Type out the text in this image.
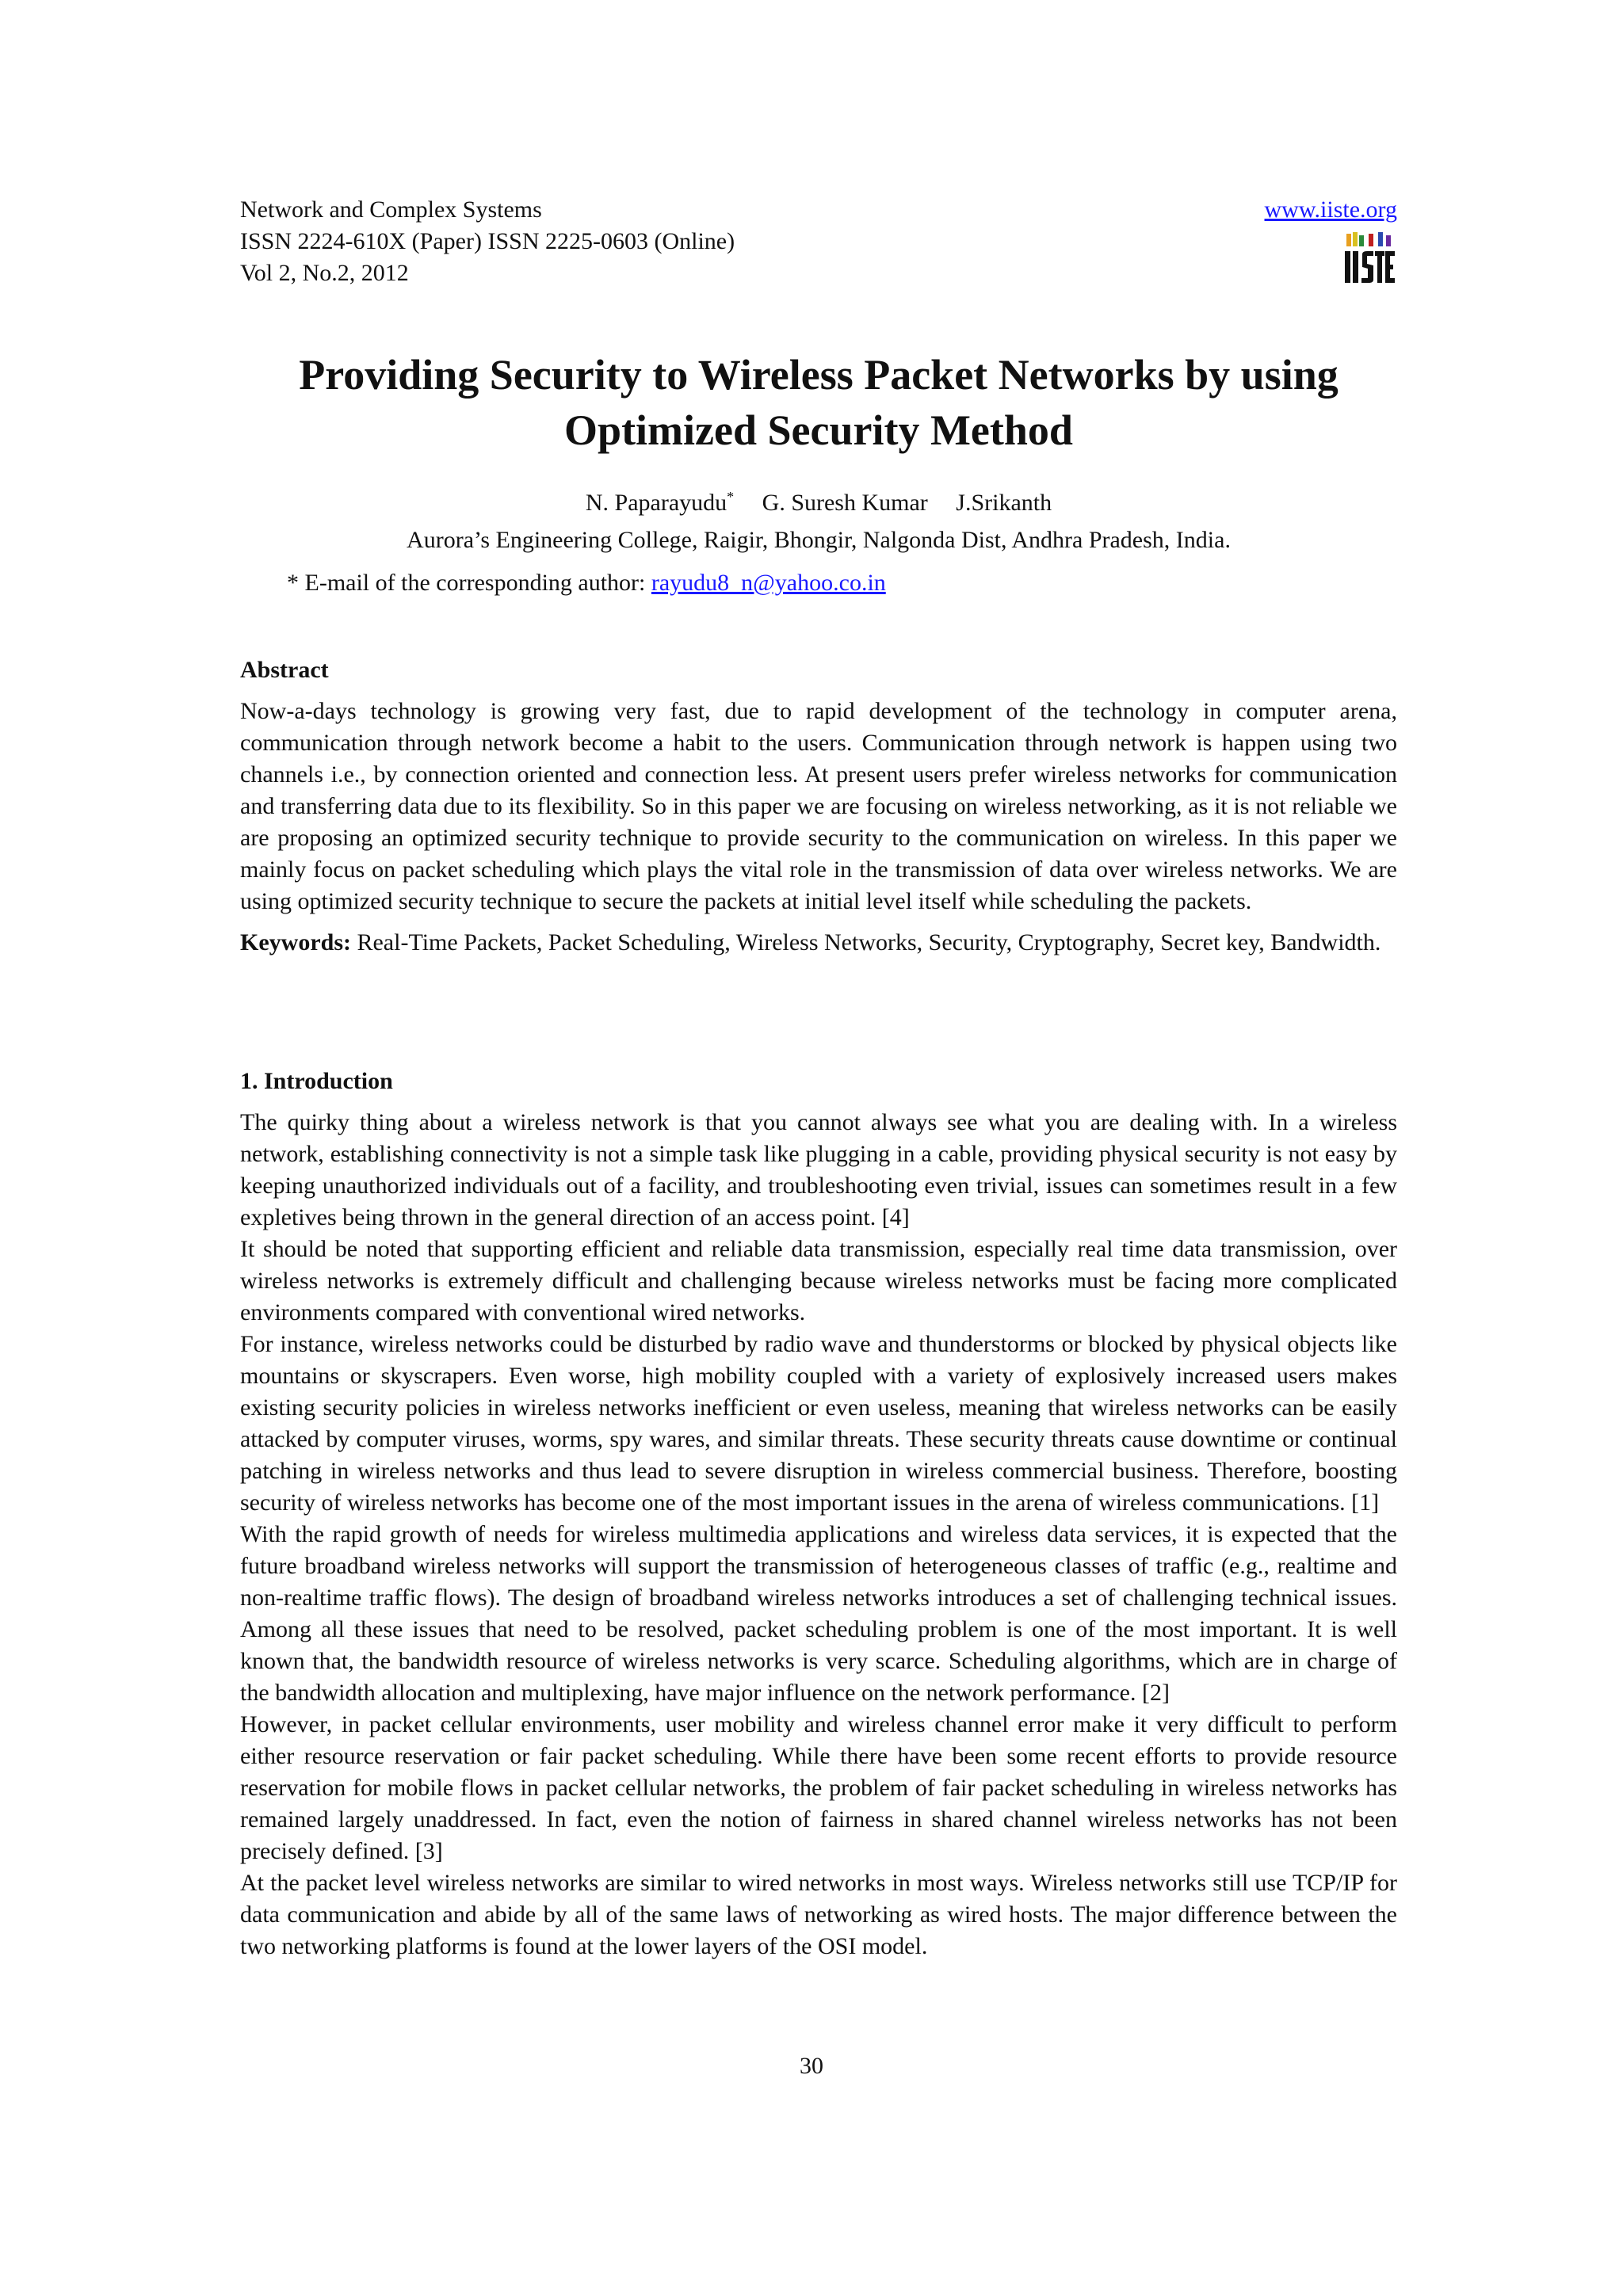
Network and Complex Systems
ISSN 2224-610X (Paper) ISSN 2225-0603 (Online)
Vol 2, No.2, 2012
www.iiste.org
Providing Security to Wireless Packet Networks by using
Optimized Security Method
N. Paparayudu* G. Suresh Kumar J.Srikanth
Aurora’s Engineering College, Raigir, Bhongir, Nalgonda Dist, Andhra Pradesh, India.
* E-mail of the corresponding author: rayudu8_n@yahoo.co.in

Abstract

Now-a-days technology is growing very fast, due to rapid development of the technology in computer arena, communication through network become a habit to the users. Communication through network is happen using two channels i.e., by connection oriented and connection less. At present users prefer wireless networks for communication and transferring data due to its flexibility. So in this paper we are focusing on wireless networking, as it is not reliable we are proposing an optimized security technique to provide security to the communication on wireless. In this paper we mainly focus on packet scheduling which plays the vital role in the transmission of data over wireless networks. We are using optimized security technique to secure the packets at initial level itself while scheduling the packets.

Keywords: Real-Time Packets, Packet Scheduling, Wireless Networks, Security, Cryptography, Secret key, Bandwidth.

1. Introduction

The quirky thing about a wireless network is that you cannot always see what you are dealing with. In a wireless network, establishing connectivity is not a simple task like plugging in a cable, providing physical security is not easy by keeping unauthorized individuals out of a facility, and troubleshooting even trivial, issues can sometimes result in a few expletives being thrown in the general direction of an access point. [4]

It should be noted that supporting efficient and reliable data transmission, especially real time data transmission, over wireless networks is extremely difficult and challenging because wireless networks must be facing more complicated environments compared with conventional wired networks.

For instance, wireless networks could be disturbed by radio wave and thunderstorms or blocked by physical objects like mountains or skyscrapers. Even worse, high mobility coupled with a variety of explosively increased users makes existing security policies in wireless networks inefficient or even useless, meaning that wireless networks can be easily attacked by computer viruses, worms, spy wares, and similar threats. These security threats cause downtime or continual patching in wireless networks and thus lead to severe disruption in wireless commercial business. Therefore, boosting security of wireless networks has become one of the most important issues in the arena of wireless communications. [1]

With the rapid growth of needs for wireless multimedia applications and wireless data services, it is expected that the future broadband wireless networks will support the transmission of heterogeneous classes of traffic (e.g., realtime and non-realtime traffic flows). The design of broadband wireless networks introduces a set of challenging technical issues. Among all these issues that need to be resolved, packet scheduling problem is one of the most important. It is well known that, the bandwidth resource of wireless networks is very scarce. Scheduling algorithms, which are in charge of the bandwidth allocation and multiplexing, have major influence on the network performance. [2]

However, in packet cellular environments, user mobility and wireless channel error make it very difficult to perform either resource reservation or fair packet scheduling. While there have been some recent efforts to provide resource reservation for mobile flows in packet cellular networks, the problem of fair packet scheduling in wireless networks has remained largely unaddressed. In fact, even the notion of fairness in shared channel wireless networks has not been precisely defined. [3]

At the packet level wireless networks are similar to wired networks in most ways. Wireless networks still use TCP/IP for data communication and abide by all of the same laws of networking as wired hosts. The major difference between the two networking platforms is found at the lower layers of the OSI model.

30
